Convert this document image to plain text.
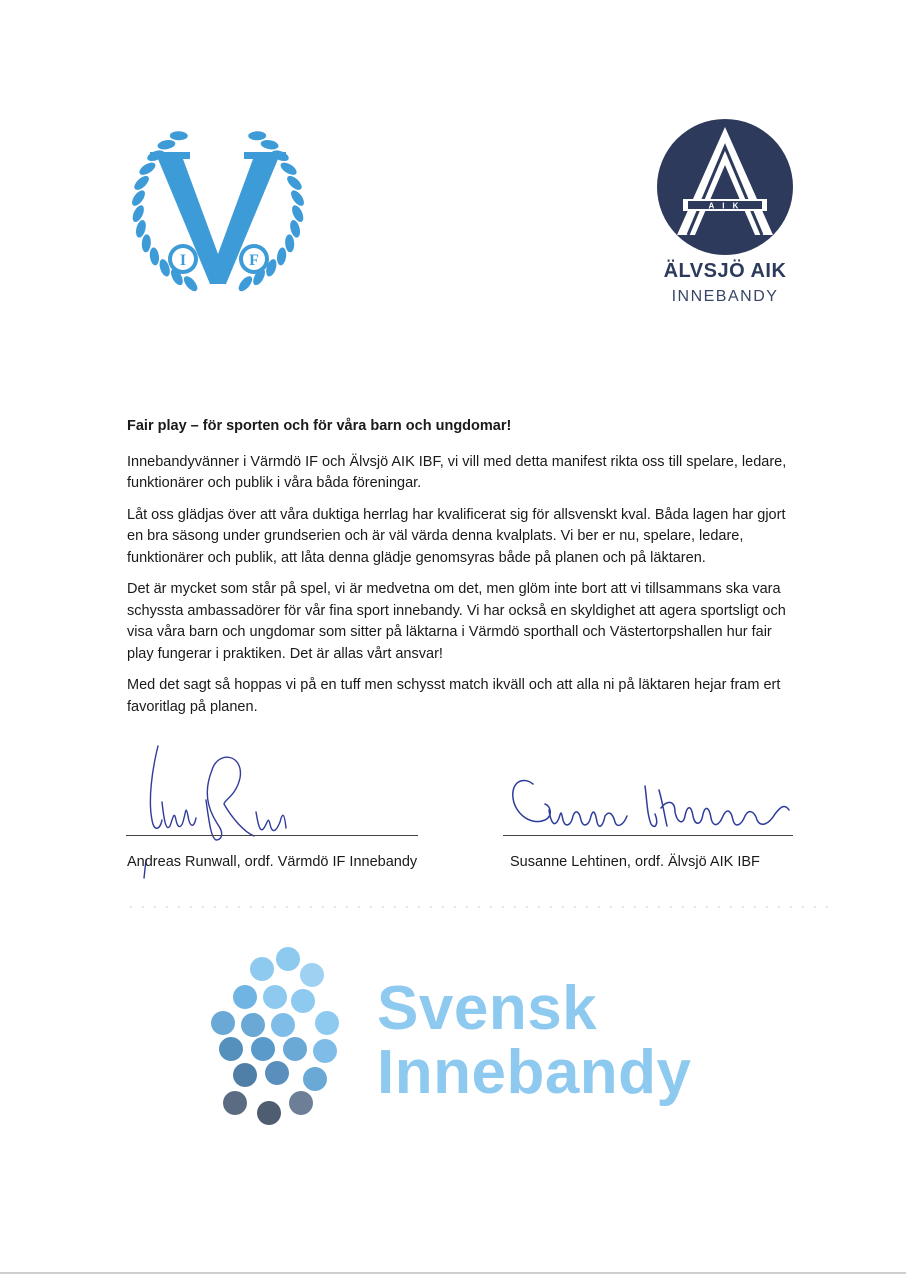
I	F
A I K
ÄLVSJÖ AIK
INNEBANDY
Fair play – för sporten och för våra barn och ungdomar!

Innebandyvänner i Värmdö IF och Älvsjö AIK IBF, vi vill med detta manifest rikta oss till spelare, ledare, funktionärer och publik i våra båda föreningar.

Låt oss glädjas över att våra duktiga herrlag har kvalificerat sig för allsvenskt kval. Båda lagen har gjort en bra säsong under grundserien och är väl värda denna kvalplats. Vi ber er nu, spelare, ledare, funktionärer och publik, att låta denna glädje genomsyras både på planen och på läktaren.

Det är mycket som står på spel, vi är medvetna om det, men glöm inte bort att vi tillsammans ska vara schyssta ambassadörer för vår fina sport innebandy. Vi har också en skyldighet att agera sportsligt och visa våra barn och ungdomar som sitter på läktarna i Värmdö sporthall och Västertorpshallen hur fair play fungerar i praktiken. Det är allas vårt ansvar!

Med det sagt så hoppas vi på en tuff men schysst match ikväll och att alla ni på läktaren hejar fram ert favoritlag på planen.

Andreas Runwall, ordf. Värmdö IF Innebandy	Susanne Lehtinen, ordf. Älvsjö AIK IBF
Svensk
Innebandy
